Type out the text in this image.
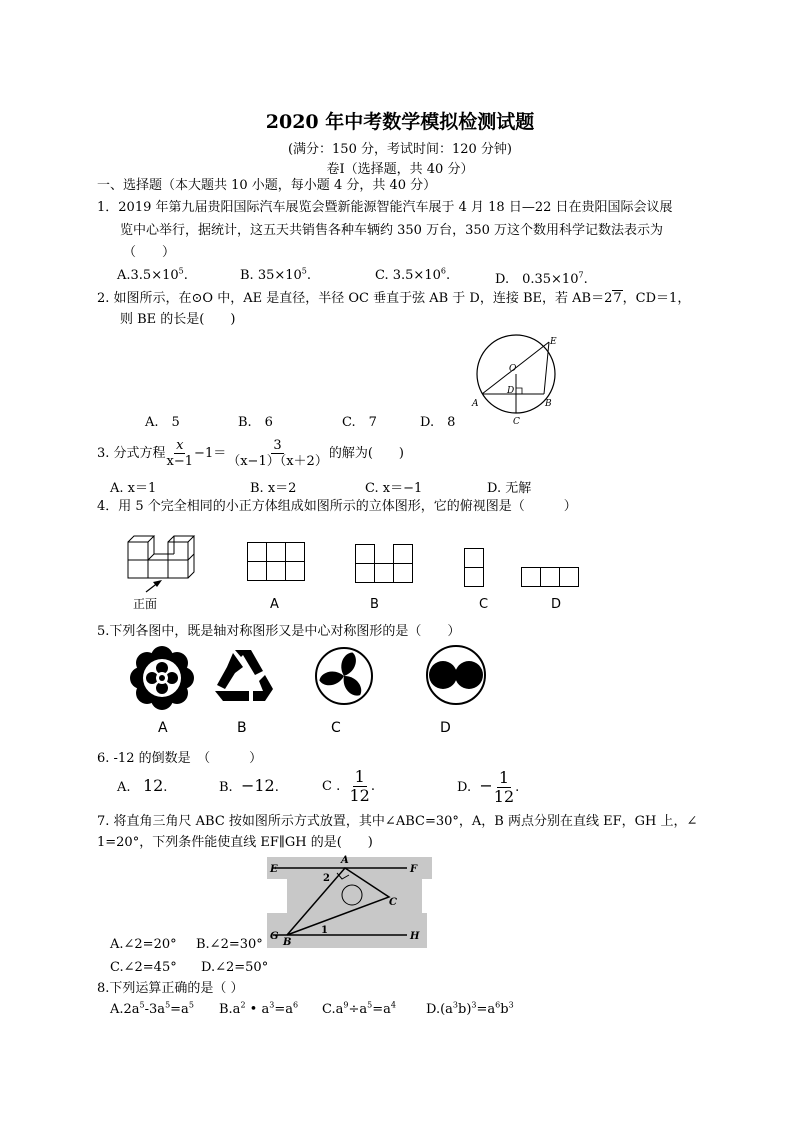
2020 年中考数学模拟检测试题
(满分：150 分，考试时间：120 分钟)
卷Ⅰ（选择题，共 40 分）
一、选择题（本大题共 10 小题，每小题 4 分，共 40 分）
1．2019 年第九届贵阳国际汽车展览会暨新能源智能汽车展于 4 月 18 日—22 日在贵阳国际会议展
览中心举行，据统计，这五天共销售各种车辆约 350 万台，350 万这个数用科学记数法表示为
（　　）
$A.3.5\times 10^5$.	B. $35\times 10^5$.	C. $3.5\times 10^6$.	D.　$0.35\times 10^7$.
2. 如图所示，在⊙O 中，AE 是直径，半径 OC 垂直于弦 AB 于 D，连接 BE，若 AB＝27，CD＝1，
则 BE 的长是(　　)
O
E
D
A	B
C
A.　5	B.　6	C.　7	D.　8
3. 分式方程 $\frac{x}{x-1} -1= \frac{3}{(x-1)(x+2)}$ 的解为(　　)
A. x＝1	B. x＝2	C. x＝−1	D. 无解
4．用 5 个完全相同的小正方体组成如图所示的立体图形，它的俯视图是（　　　）
正面	A	B	C	D
5.下列各图中，既是轴对称图形又是中心对称图形的是（　　）
A	B	C	D
6. -12 的倒数是　（　　　）
A. 12.	B. −12.	C . $\frac{1}{12}$ .	D. − $\frac{1}{12}$ .
7. 将直角三角尺 ABC 按如图所示方式放置，其中∠ABC=30°，A，B 两点分别在直线 EF，GH 上，∠
1=20°，下列条件能使直线 EF∥GH 的是(　　)
A
E	F
2
C
G
B
1
H
A.∠2=20° B.∠2=30°
C.∠2=45° D.∠2=50°
8.下列运算正确的是（ ）
$A.2a^5-3a^5=a^5$ $B.a^2$ • $a^3=a^6$ $C.a^9\div a^5=a^4$ $D.(a^3b)^3=a^6b^3$
